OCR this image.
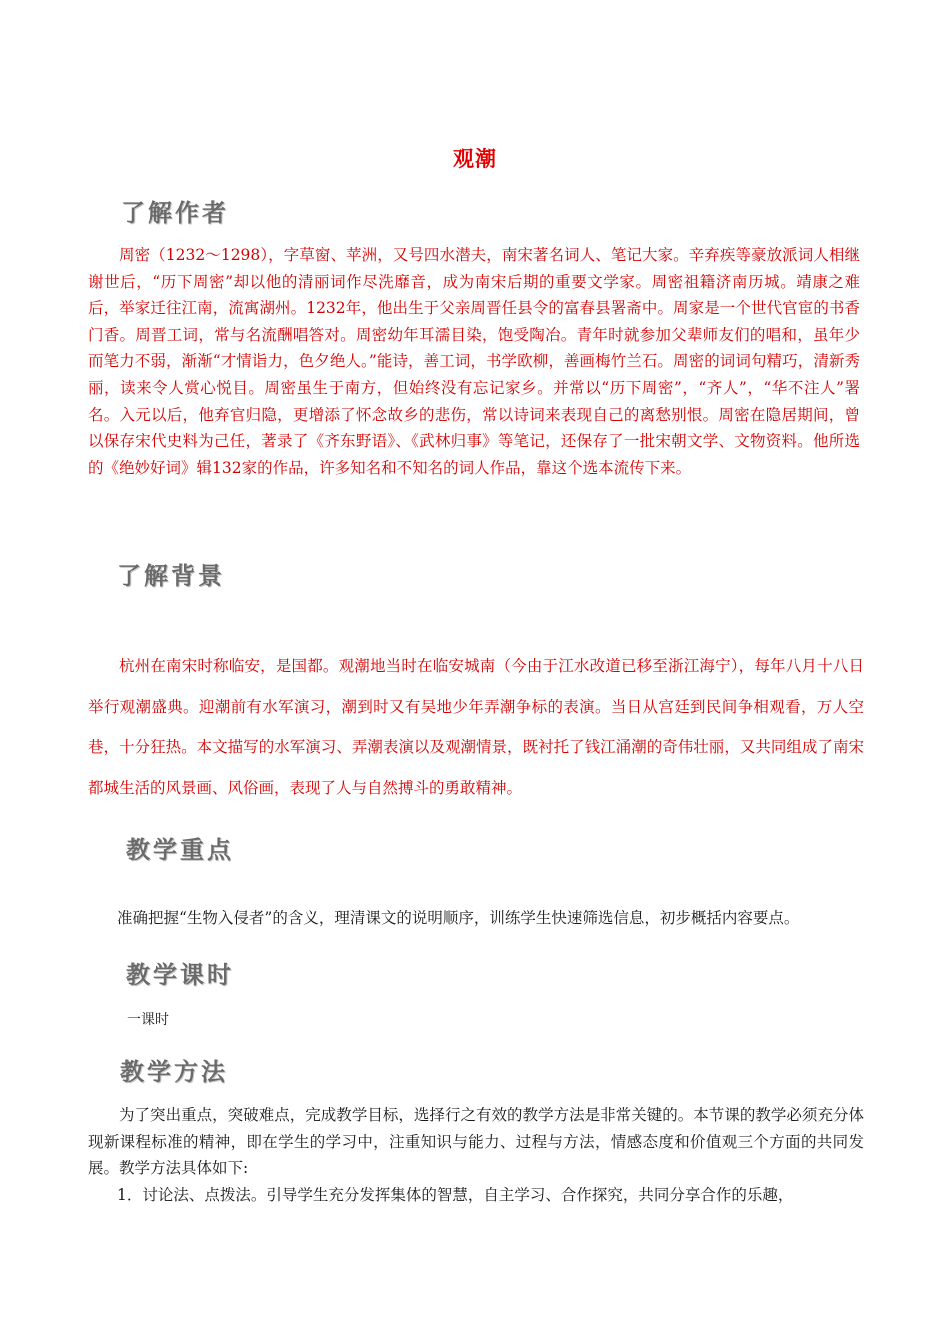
观潮
了解作者

周密（1232～1298），字草窗、苹洲，又号四水潜夫，南宋著名词人、笔记大家。辛弃疾等豪放派词人相继谢世后，“历下周密”却以他的清丽词作尽洗靡音，成为南宋后期的重要文学家。周密祖籍济南历城。靖康之难后，举家迁往江南，流寓湖州。1232年，他出生于父亲周晋任县令的富春县署斋中。周家是一个世代官宦的书香门香。周晋工词，常与名流酬唱答对。周密幼年耳濡目染，饱受陶冶。青年时就参加父辈师友们的唱和，虽年少而笔力不弱，渐渐“才情诣力，色夕绝人。”能诗，善工词，书学欧柳，善画梅竹兰石。周密的词词句精巧，清新秀丽，读来令人赏心悦目。周密虽生于南方，但始终没有忘记家乡。并常以“历下周密”，“齐人”，“华不注人”署名。入元以后，他弃官归隐，更增添了怀念故乡的悲伤，常以诗词来表现自己的离愁别恨。周密在隐居期间，曾以保存宋代史料为己任，著录了《齐东野语》、《武林归事》等笔记，还保存了一批宋朝文学、文物资料。他所选的《绝妙好词》辑132家的作品，许多知名和不知名的词人作品，靠这个选本流传下来。

了解背景

杭州在南宋时称临安，是国都。观潮地当时在临安城南（今由于江水改道已移至浙江海宁），每年八月十八日举行观潮盛典。迎潮前有水军演习，潮到时又有吴地少年弄潮争标的表演。当日从宫廷到民间争相观看，万人空巷，十分狂热。本文描写的水军演习、弄潮表演以及观潮情景，既衬托了钱江涌潮的奇伟壮丽，又共同组成了南宋都城生活的风景画、风俗画，表现了人与自然搏斗的勇敢精神。

教学重点

准确把握“生物入侵者”的含义，理清课文的说明顺序，训练学生快速筛选信息，初步概括内容要点。

教学课时

一课时

教学方法

为了突出重点，突破难点，完成教学目标，选择行之有效的教学方法是非常关键的。本节课的教学必须充分体现新课程标准的精神，即在学生的学习中，注重知识与能力、过程与方法，情感态度和价值观三个方面的共同发展。教学方法具体如下:

1．讨论法、点拨法。引导学生充分发挥集体的智慧，自主学习、合作探究，共同分享合作的乐趣，
